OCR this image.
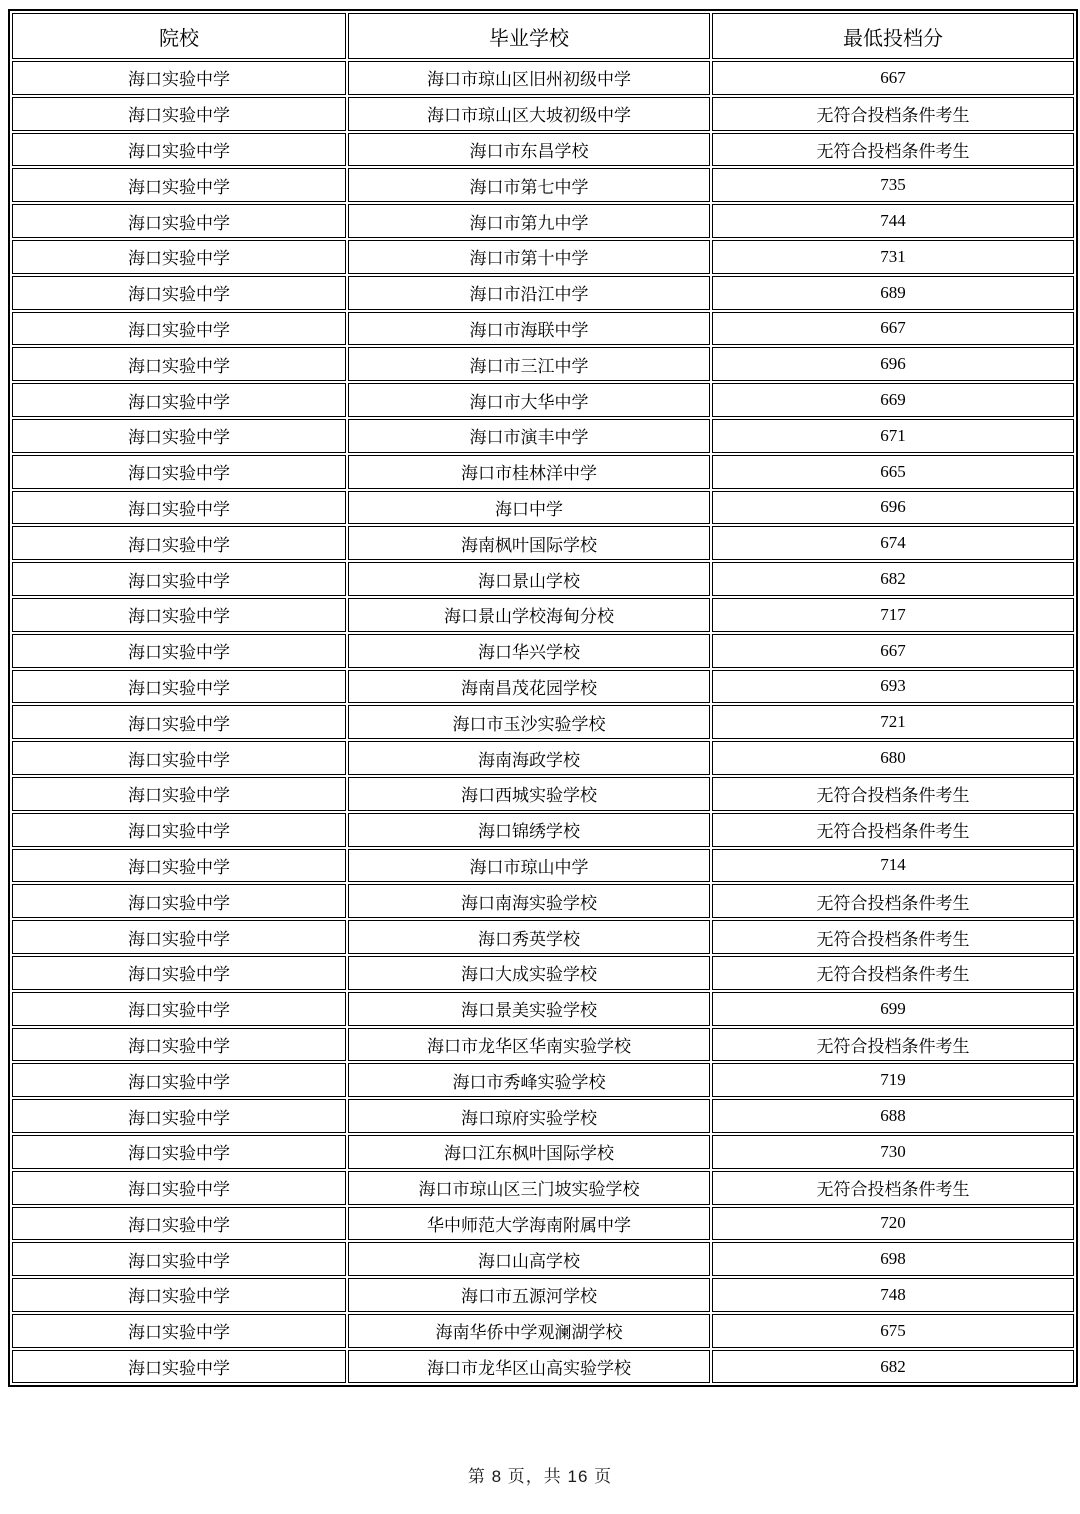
院校	毕业学校	最低投档分
海口实验中学	海口市琼山区旧州初级中学	667
海口实验中学	海口市琼山区大坡初级中学	无符合投档条件考生
海口实验中学	海口市东昌学校	无符合投档条件考生
海口实验中学	海口市第七中学	735
海口实验中学	海口市第九中学	744
海口实验中学	海口市第十中学	731
海口实验中学	海口市沿江中学	689
海口实验中学	海口市海联中学	667
海口实验中学	海口市三江中学	696
海口实验中学	海口市大华中学	669
海口实验中学	海口市演丰中学	671
海口实验中学	海口市桂林洋中学	665
海口实验中学	海口中学	696
海口实验中学	海南枫叶国际学校	674
海口实验中学	海口景山学校	682
海口实验中学	海口景山学校海甸分校	717
海口实验中学	海口华兴学校	667
海口实验中学	海南昌茂花园学校	693
海口实验中学	海口市玉沙实验学校	721
海口实验中学	海南海政学校	680
海口实验中学	海口西城实验学校	无符合投档条件考生
海口实验中学	海口锦绣学校	无符合投档条件考生
海口实验中学	海口市琼山中学	714
海口实验中学	海口南海实验学校	无符合投档条件考生
海口实验中学	海口秀英学校	无符合投档条件考生
海口实验中学	海口大成实验学校	无符合投档条件考生
海口实验中学	海口景美实验学校	699
海口实验中学	海口市龙华区华南实验学校	无符合投档条件考生
海口实验中学	海口市秀峰实验学校	719
海口实验中学	海口琼府实验学校	688
海口实验中学	海口江东枫叶国际学校	730
海口实验中学	海口市琼山区三门坡实验学校	无符合投档条件考生
海口实验中学	华中师范大学海南附属中学	720
海口实验中学	海口山高学校	698
海口实验中学	海口市五源河学校	748
海口实验中学	海南华侨中学观澜湖学校	675
海口实验中学	海口市龙华区山高实验学校	682
第 8 页，共 16 页
